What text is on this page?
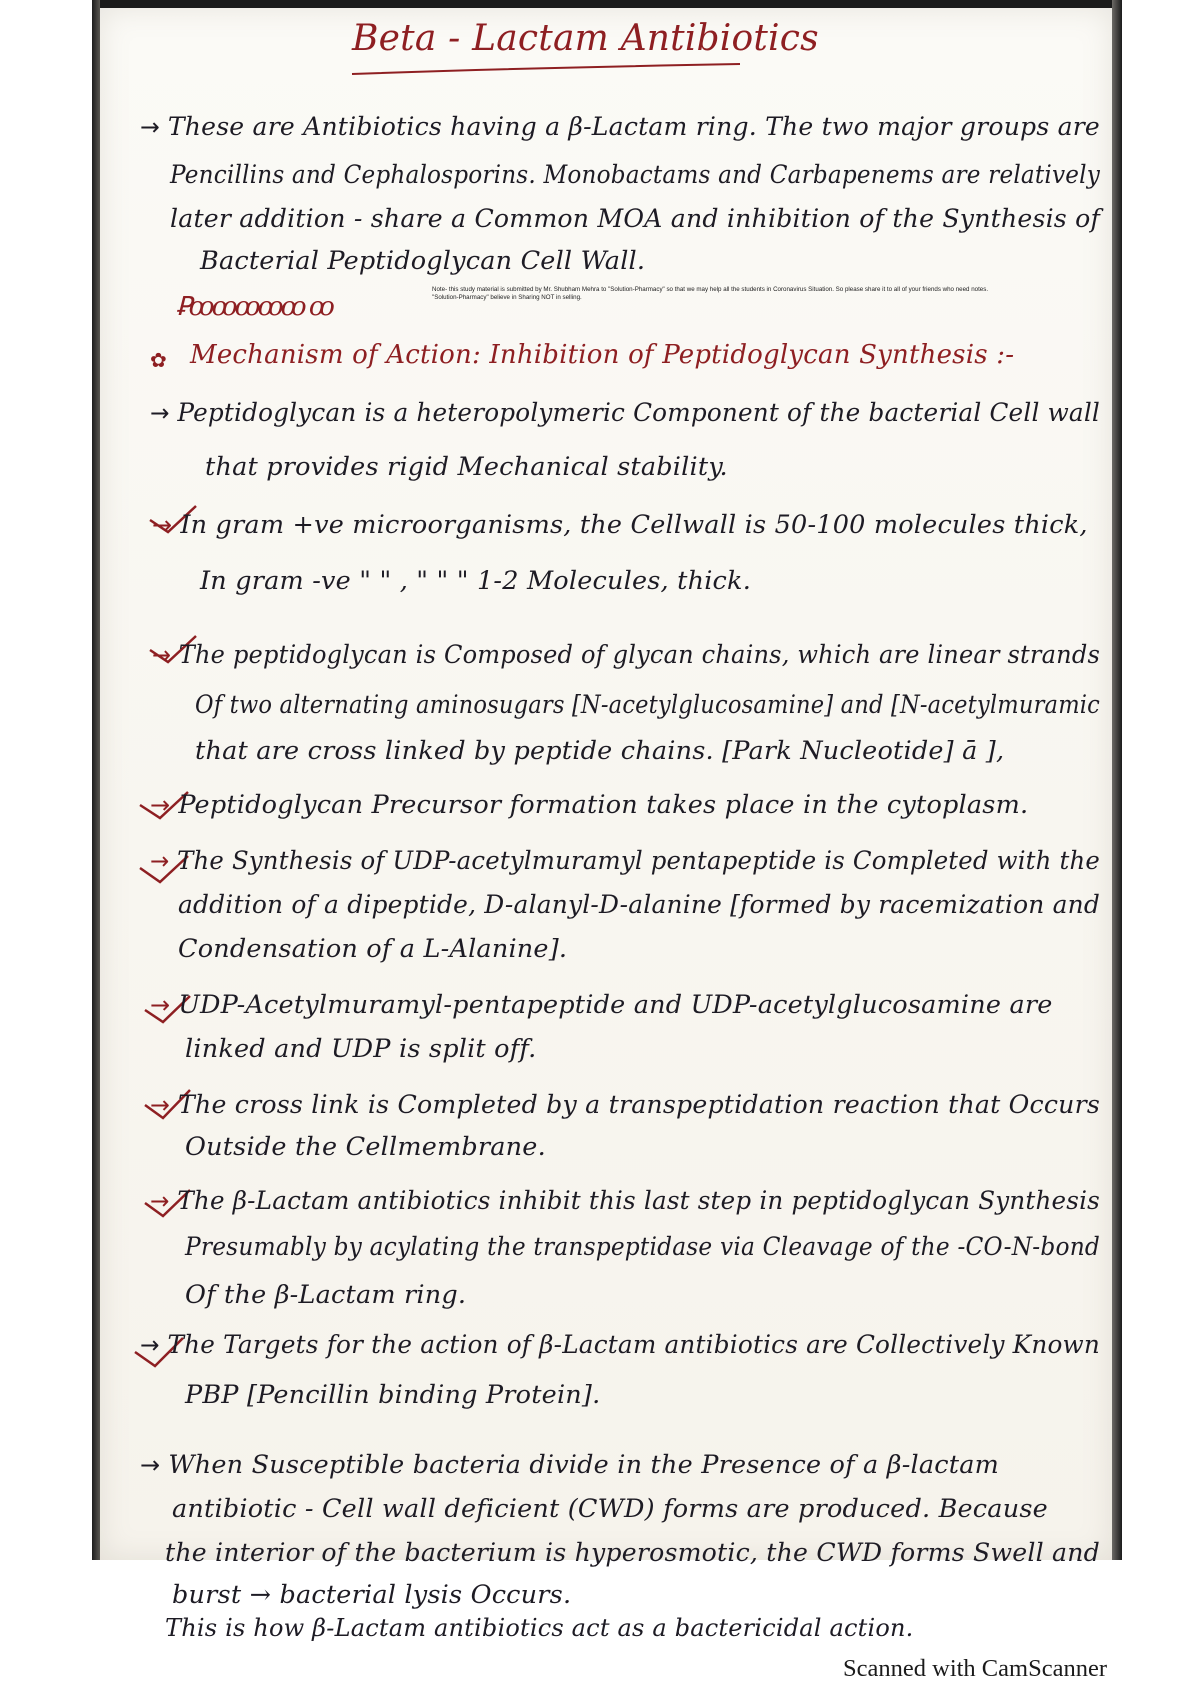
Beta - Lactam Antibiotics
→ These are Antibiotics having a β-Lactam ring. The two major groups are
Pencillins and Cephalosporins. Monobactams and Carbapenems are relatively
later addition - share a Common MOA and inhibition of the Synthesis of
Bacterial Peptidoglycan Cell Wall.
Ꝑꝏꝏꝏꝏꝏ ꝏ
Note- this study material is submitted by Mr. Shubham Mehra to "Solution-Pharmacy" so that we may help all the students in Coronavirus Situation. So please share it to all of your friends who need notes. "Solution-Pharmacy" believe in Sharing NOT in selling.
✿ Mechanism of Action: Inhibition of Peptidoglycan Synthesis :-
→ Peptidoglycan is a heteropolymeric Component of the bacterial Cell wall
that provides rigid Mechanical stability.
→ In gram +ve microorganisms, the Cellwall is 50-100 molecules thick,
In gram -ve " " , " " " 1-2 Molecules, thick.
→ The peptidoglycan is Composed of glycan chains, which are linear strands
Of two alternating aminosugars [N-acetylglucosamine] and [N-acetylmuramic
that are cross linked by peptide chains. [Park Nucleotide] ā ],
→ Peptidoglycan Precursor formation takes place in the cytoplasm.
→ The Synthesis of UDP-acetylmuramyl pentapeptide is Completed with the
addition of a dipeptide, D-alanyl-D-alanine [formed by racemization and
Condensation of a L-Alanine].
→ UDP-Acetylmuramyl-pentapeptide and UDP-acetylglucosamine are
linked and UDP is split off.
→ The cross link is Completed by a transpeptidation reaction that Occurs
Outside the Cellmembrane.
→ The β-Lactam antibiotics inhibit this last step in peptidoglycan Synthesis
Presumably by acylating the transpeptidase via Cleavage of the -CO-N-bond
Of the β-Lactam ring.
→ The Targets for the action of β-Lactam antibiotics are Collectively Known
PBP [Pencillin binding Protein].
→ When Susceptible bacteria divide in the Presence of a β-lactam
antibiotic - Cell wall deficient (CWD) forms are produced. Because
the interior of the bacterium is hyperosmotic, the CWD forms Swell and
burst → bacterial lysis Occurs.
This is how β-Lactam antibiotics act as a bactericidal action.
Scanned with CamScanner
